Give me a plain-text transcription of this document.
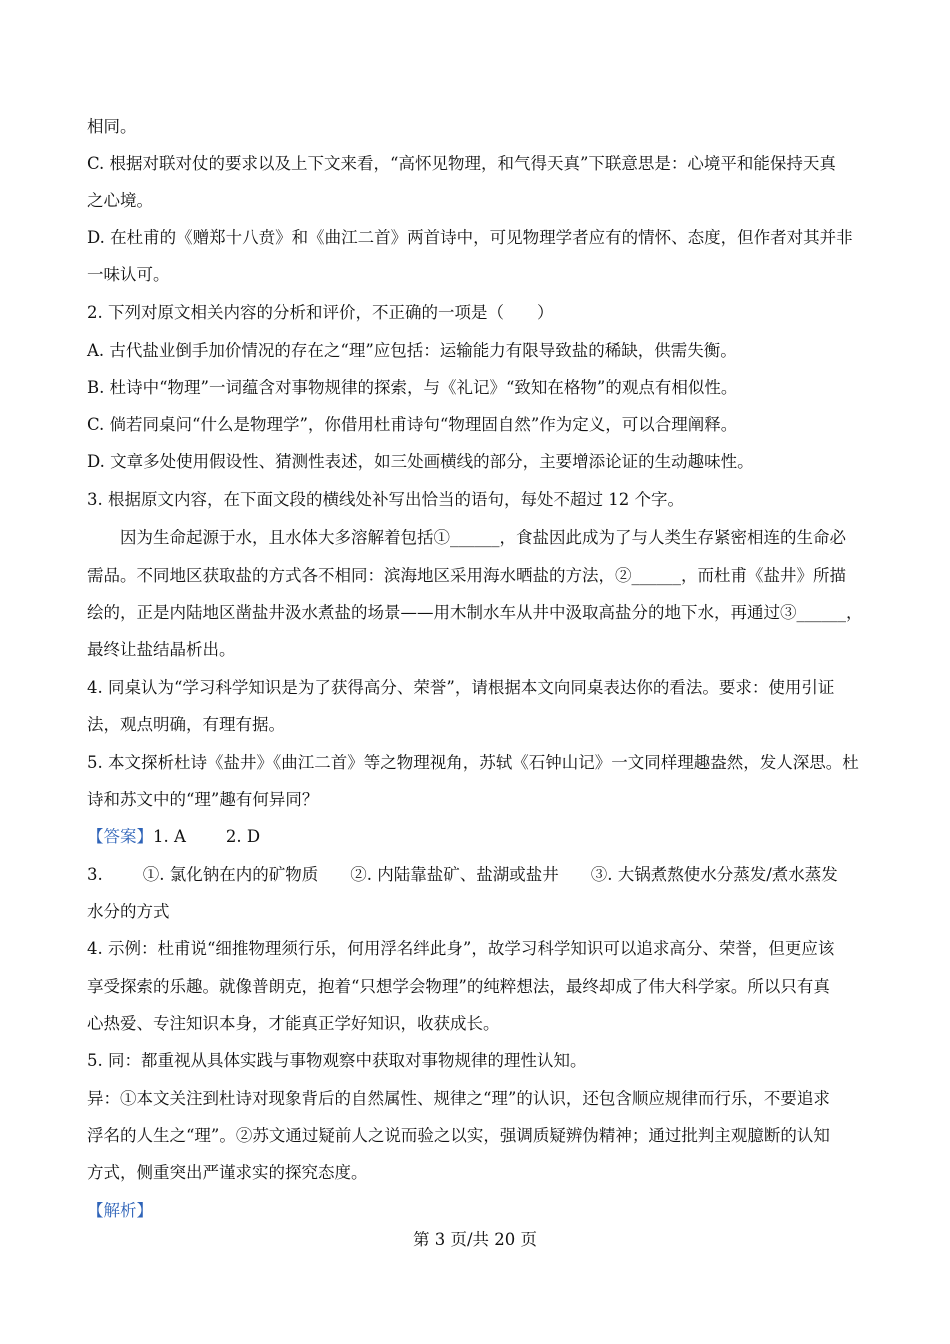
相同。
C. 根据对联对仗的要求以及上下文来看，“高怀见物理，和气得天真”下联意思是：心境平和能保持天真
之心境。
D. 在杜甫的《赠郑十八贲》和《曲江二首》两首诗中，可见物理学者应有的情怀、态度，但作者对其并非
一味认可。
2. 下列对原文相关内容的分析和评价，不正确的一项是（　　）
A. 古代盐业倒手加价情况的存在之“理”应包括：运输能力有限导致盐的稀缺，供需失衡。
B. 杜诗中“物理”一词蕴含对事物规律的探索，与《礼记》“致知在格物”的观点有相似性。
C. 倘若同桌问“什么是物理学”，你借用杜甫诗句“物理固自然”作为定义，可以合理阐释。
D. 文章多处使用假设性、猜测性表述，如三处画横线的部分，主要增添论证的生动趣味性。
3. 根据原文内容，在下面文段的横线处补写出恰当的语句，每处不超过 12 个字。
因为生命起源于水，且水体大多溶解着包括①______，食盐因此成为了与人类生存紧密相连的生命必
需品。不同地区获取盐的方式各不相同：滨海地区采用海水晒盐的方法，②______，而杜甫《盐井》所描
绘的，正是内陆地区凿盐井汲水煮盐的场景——用木制水车从井中汲取高盐分的地下水，再通过③______，
最终让盐结晶析出。
4. 同桌认为“学习科学知识是为了获得高分、荣誉”，请根据本文向同桌表达你的看法。要求：使用引证
法，观点明确，有理有据。
5. 本文探析杜诗《盐井》《曲江二首》等之物理视角，苏轼《石钟山记》一文同样理趣盎然，发人深思。杜
诗和苏文中的“理”趣有何异同？
【答案】1. A 2. D
3. ①. 氯化钠在内的矿物质 ②. 内陆靠盐矿、盐湖或盐井 ③. 大锅煮熬使水分蒸发/煮水蒸发
水分的方式
4. 示例：杜甫说“细推物理须行乐，何用浮名绊此身”，故学习科学知识可以追求高分、荣誉，但更应该
享受探索的乐趣。就像普朗克，抱着“只想学会物理”的纯粹想法，最终却成了伟大科学家。所以只有真
心热爱、专注知识本身，才能真正学好知识，收获成长。
5. 同：都重视从具体实践与事物观察中获取对事物规律的理性认知。
异：①本文关注到杜诗对现象背后的自然属性、规律之“理”的认识，还包含顺应规律而行乐，不要追求
浮名的人生之“理”。②苏文通过疑前人之说而验之以实，强调质疑辨伪精神；通过批判主观臆断的认知
方式，侧重突出严谨求实的探究态度。
【解析】
第 3 页/共 20 页
